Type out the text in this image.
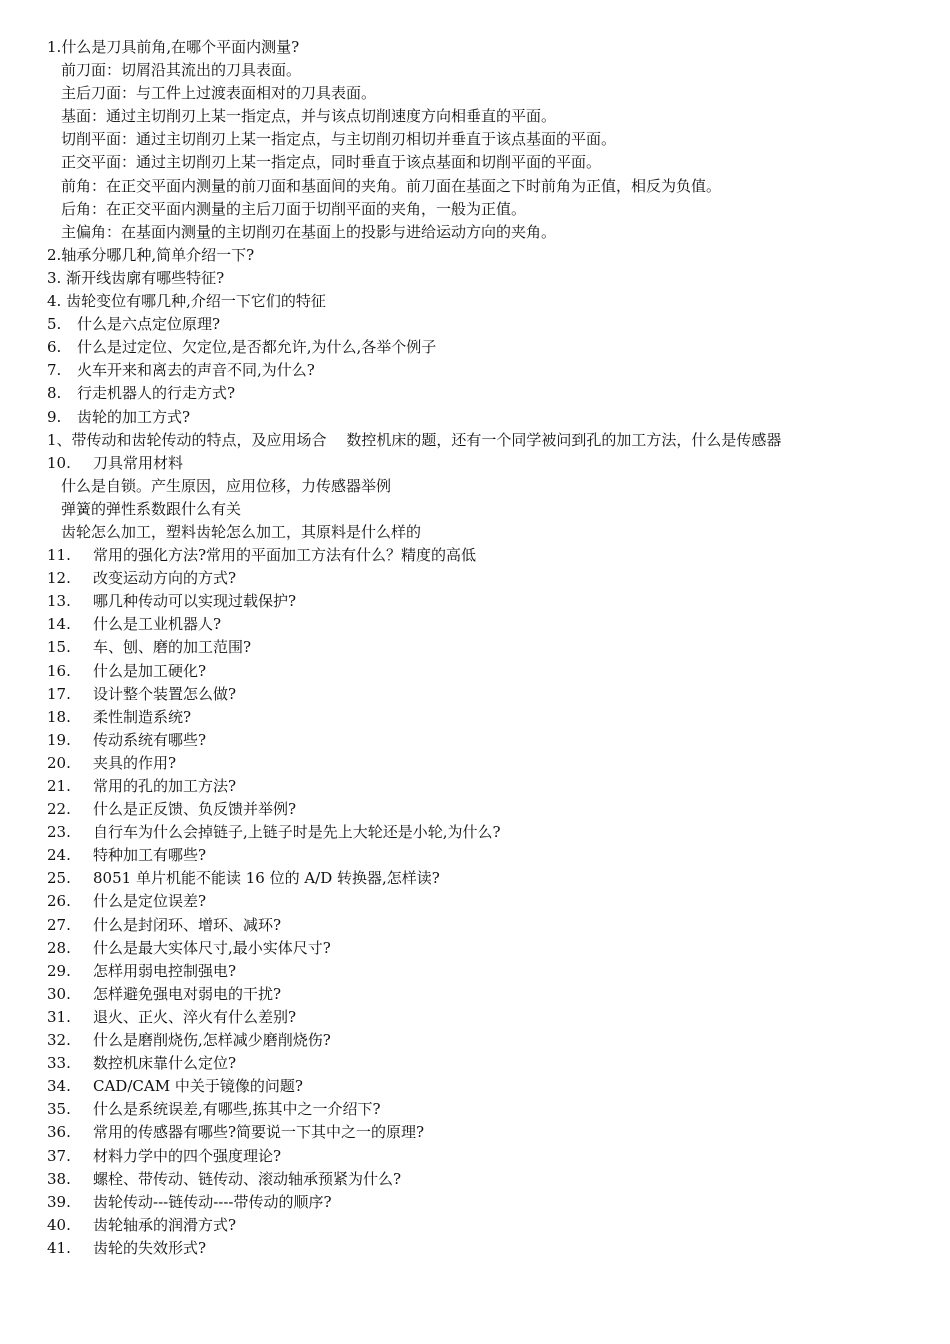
1.什么是刀具前角,在哪个平面内测量?
前刀面：切屑沿其流出的刀具表面。
主后刀面：与工件上过渡表面相对的刀具表面。
基面：通过主切削刃上某一指定点，并与该点切削速度方向相垂直的平面。
切削平面：通过主切削刃上某一指定点，与主切削刃相切并垂直于该点基面的平面。
正交平面：通过主切削刃上某一指定点，同时垂直于该点基面和切削平面的平面。
前角：在正交平面内测量的前刀面和基面间的夹角。前刀面在基面之下时前角为正值，相反为负值。
后角：在正交平面内测量的主后刀面于切削平面的夹角，一般为正值。
主偏角：在基面内测量的主切削刃在基面上的投影与进给运动方向的夹角。
2.轴承分哪几种,简单介绍一下?
3. 渐开线齿廓有哪些特征?
4. 齿轮变位有哪几种,介绍一下它们的特征
5. 什么是六点定位原理?
6. 什么是过定位、欠定位,是否都允许,为什么,各举个例子
7. 火车开来和离去的声音不同,为什么?
8. 行走机器人的行走方式?
9. 齿轮的加工方式?
1、带传动和齿轮传动的特点，及应用场合　 数控机床的题，还有一个同学被问到孔的加工方法，什么是传感器
10. 刀具常用材料
什么是自锁。产生原因，应用位移，力传感器举例
弹簧的弹性系数跟什么有关
齿轮怎么加工，塑料齿轮怎么加工，其原料是什么样的
11. 常用的强化方法?常用的平面加工方法有什么？精度的高低
12. 改变运动方向的方式?
13. 哪几种传动可以实现过载保护?
14. 什么是工业机器人?
15. 车、刨、磨的加工范围?
16. 什么是加工硬化?
17. 设计整个装置怎么做?
18. 柔性制造系统?
19. 传动系统有哪些?
20. 夹具的作用?
21. 常用的孔的加工方法?
22. 什么是正反馈、负反馈并举例?
23. 自行车为什么会掉链子,上链子时是先上大轮还是小轮,为什么?
24. 特种加工有哪些?
25. 8051 单片机能不能读 16 位的 A/D 转换器,怎样读?
26. 什么是定位误差?
27. 什么是封闭环、增环、减环?
28. 什么是最大实体尺寸,最小实体尺寸?
29. 怎样用弱电控制强电?
30. 怎样避免强电对弱电的干扰?
31. 退火、正火、淬火有什么差别?
32. 什么是磨削烧伤,怎样减少磨削烧伤?
33. 数控机床靠什么定位?
34. CAD/CAM 中关于镜像的问题?
35. 什么是系统误差,有哪些,拣其中之一介绍下?
36. 常用的传感器有哪些?简要说一下其中之一的原理?
37. 材料力学中的四个强度理论?
38. 螺栓、带传动、链传动、滚动轴承预紧为什么?
39. 齿轮传动---链传动----带传动的顺序?
40. 齿轮轴承的润滑方式?
41. 齿轮的失效形式?
